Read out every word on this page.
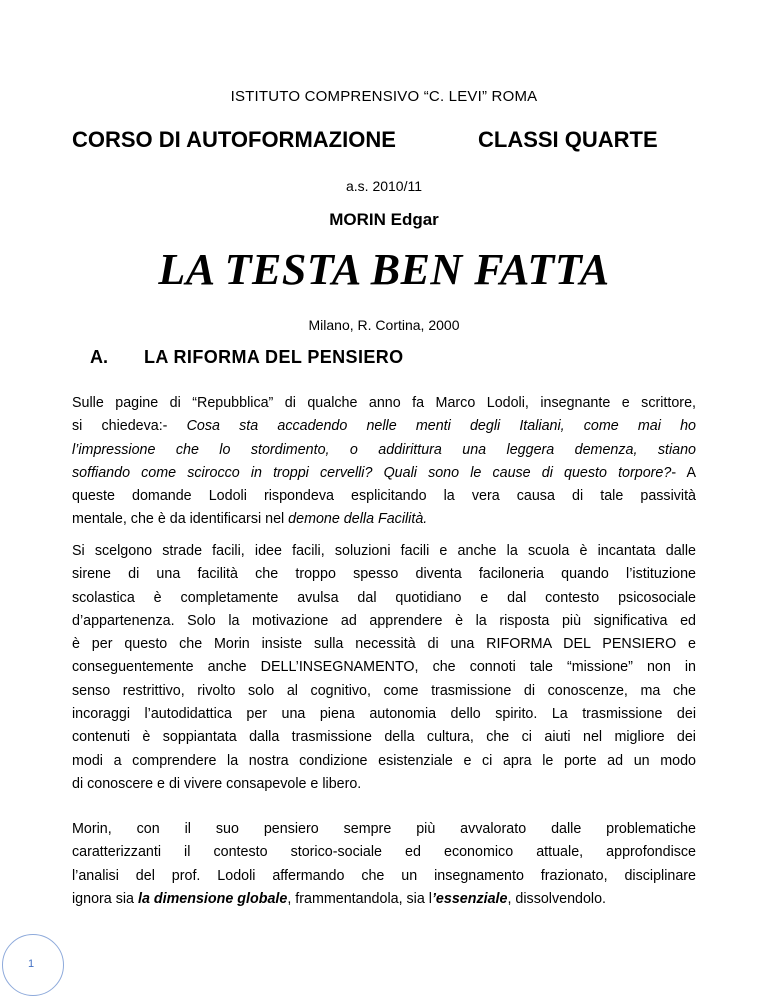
ISTITUTO COMPRENSIVO “C. LEVI” ROMA
CORSO DI AUTOFORMAZIONE	CLASSI QUARTE
a.s. 2010/11
MORIN Edgar
LA TESTA BEN FATTA
Milano, R. Cortina, 2000
A. LA RIFORMA DEL PENSIERO
Sulle pagine di “Repubblica” di qualche anno fa Marco Lodoli, insegnante e scrittore,
si chiedeva:- Cosa sta accadendo nelle menti degli Italiani, come mai ho
l’impressione che lo stordimento, o addirittura una leggera demenza, stiano
soffiando come scirocco in troppi cervelli? Quali sono le cause di questo torpore?- A
queste domande Lodoli rispondeva esplicitando la vera causa di tale passività
mentale, che è da identificarsi nel demone della Facilità.
Si scelgono strade facili, idee facili, soluzioni facili e anche la scuola è incantata dalle
sirene di una facilità che troppo spesso diventa faciloneria quando l’istituzione
scolastica è completamente avulsa dal quotidiano e dal contesto psicosociale
d’appartenenza. Solo la motivazione ad apprendere è la risposta più significativa ed
è per questo che Morin insiste sulla necessità di una RIFORMA DEL PENSIERO e
conseguentemente anche DELL’INSEGNAMENTO, che connoti tale “missione” non in
senso restrittivo, rivolto solo al cognitivo, come trasmissione di conoscenze, ma che
incoraggi l’autodidattica per una piena autonomia dello spirito. La trasmissione dei
contenuti è soppiantata dalla trasmissione della cultura, che ci aiuti nel migliore dei
modi a comprendere la nostra condizione esistenziale e ci apra le porte ad un modo
di conoscere e di vivere consapevole e libero.
Morin, con il suo pensiero sempre più avvalorato dalle problematiche
caratterizzanti il contesto storico-sociale ed economico attuale, approfondisce
l’analisi del prof. Lodoli affermando che un insegnamento frazionato, disciplinare
ignora sia la dimensione globale, frammentandola, sia l’essenziale, dissolvendolo.
1
